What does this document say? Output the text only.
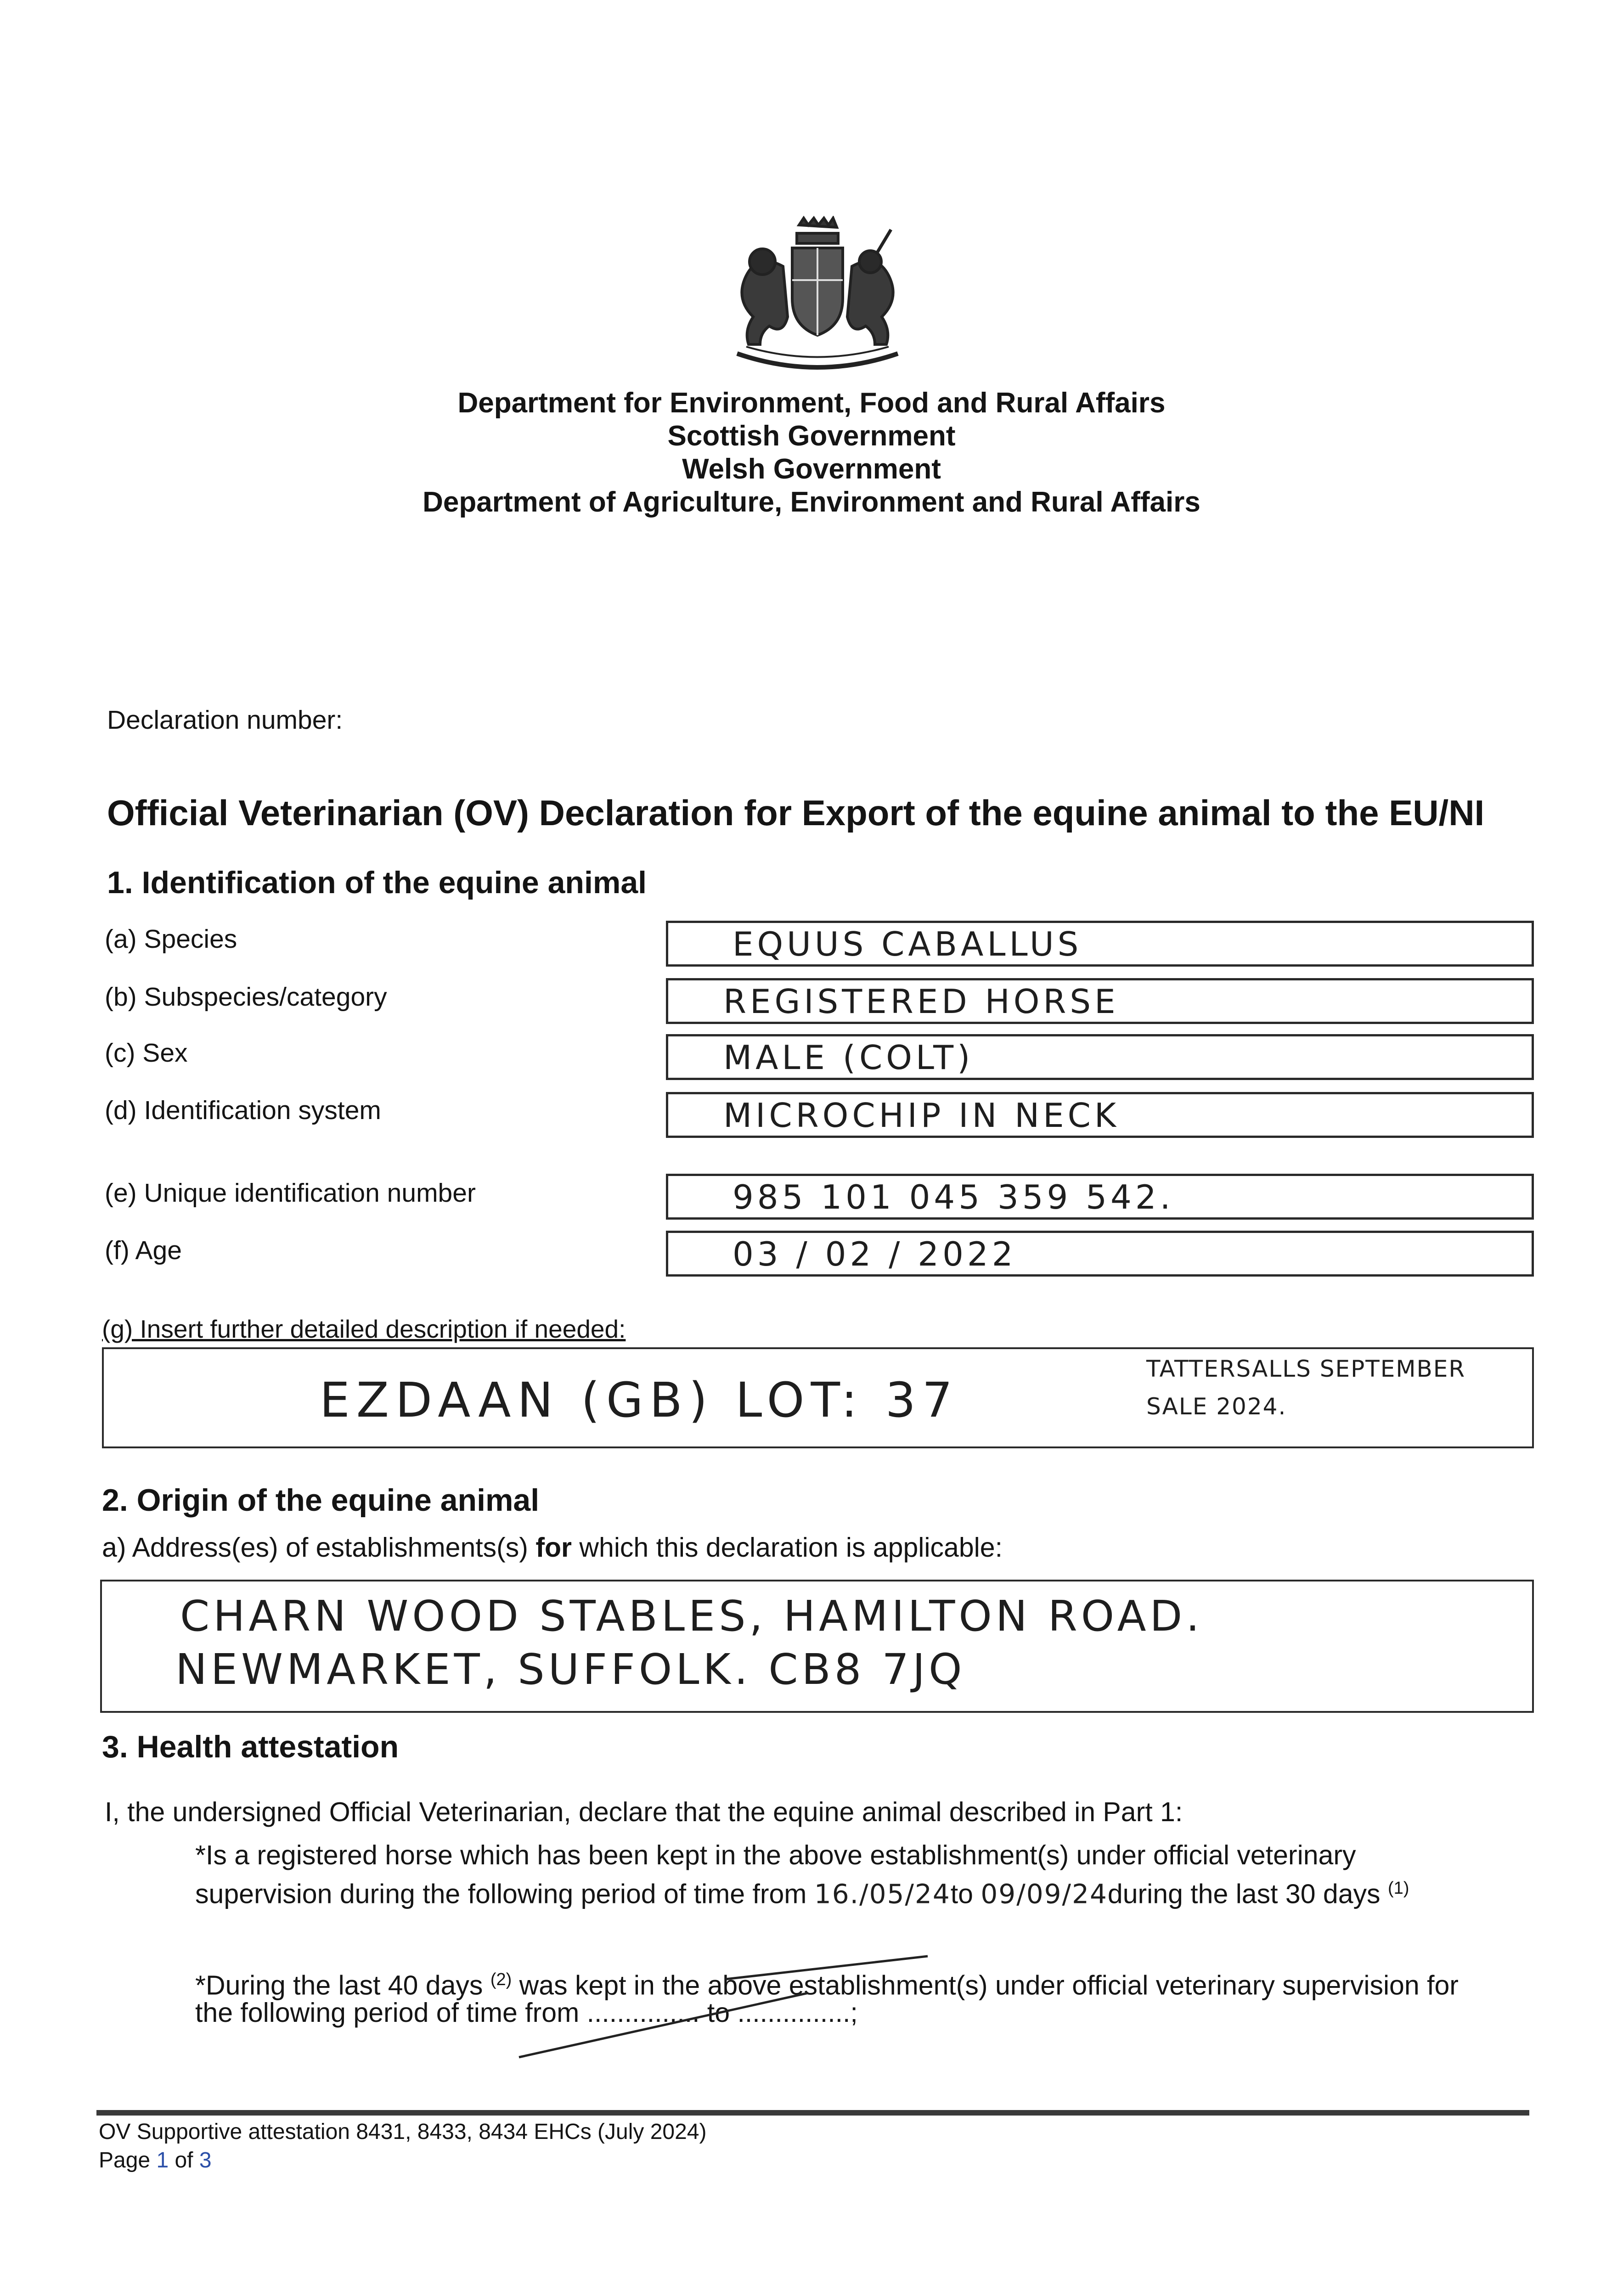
Department for Environment, Food and Rural Affairs
Scottish Government
Welsh Government
Department of Agriculture, Environment and Rural Affairs
Declaration number:
Official Veterinarian (OV) Declaration for Export of the equine animal to the EU/NI
1. Identification of the equine animal
(a) Species	EQUUS CABALLUS
(b) Subspecies/category	REGISTERED HORSE
(c) Sex	MALE (COLT)
(d) Identification system	MICROCHIP IN NECK
(e) Unique identification number	985 101 045 359 542.
(f) Age	03 / 02 / 2022
(g) Insert further detailed description if needed:
EZDAAN (GB) LOT: 37
TATTERSALLS SEPTEMBER
SALE 2024.
2. Origin of the equine animal
a) Address(es) of establishments(s) for which this declaration is applicable:
CHARN WOOD STABLES, HAMILTON ROAD.
NEWMARKET, SUFFOLK. CB8 7JQ
3. Health attestation
I, the undersigned Official Veterinarian, declare that the equine animal described in Part 1:
*Is a registered horse which has been kept in the above establishment(s) under official veterinary
supervision during the following period of time from 16./05/24to 09/09/24during the last 30 days $^{(1)}$
*During the last 40 days $^{(2)}$ was kept in the above establishment(s) under official veterinary supervision for
the following period of time from ............... to ...............;
OV Supportive attestation 8431, 8433, 8434 EHCs (July 2024)
Page 1 of 3
